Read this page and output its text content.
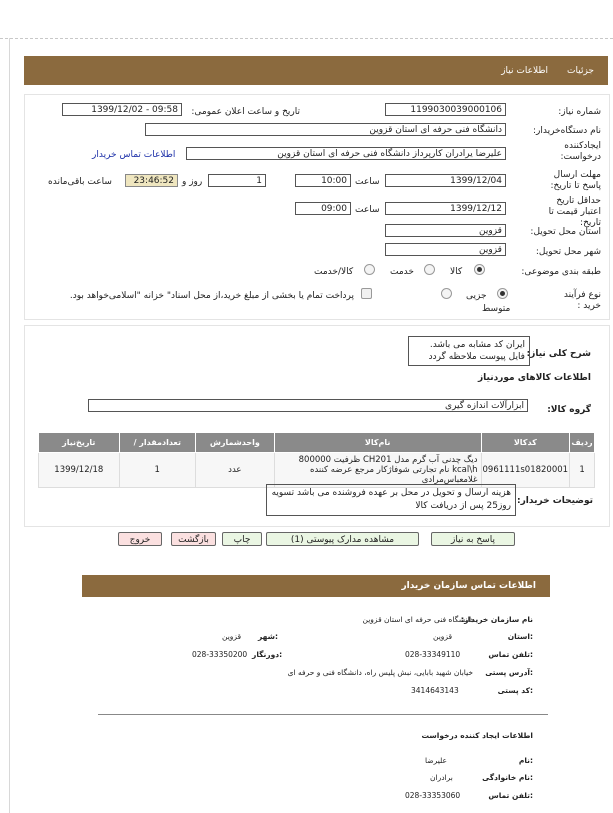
جزئیات
اطلاعات نیاز
شماره نیاز:
1199030039000106
تاریخ و ساعت اعلان عمومی:
1399/12/02 - 09:58
نام دستگاه‌خریدار:
دانشگاه فنی حرفه ای استان قزوین
ایجادکننده درخواست:
علیرضا یرادران کارپرداز دانشگاه فنی حرفه ای استان قزوین
اطلاعات تماس خریدار
مهلت ارسال پاسخ تا تاریخ:
1399/12/04
ساعت
10:00
1
روز و
23:46:52
ساعت باقی‌مانده
حداقل تاریخ اعتبار قیمت تا تاریخ:
1399/12/12
ساعت
09:00
استان محل تحویل:
قزوین
شهر محل تحویل:
قزوین
طبقه بندی موضوعی:
کالا
خدمت
کالا/خدمت
نوع فرآیند خرید :
جزیی
متوسط
پرداخت تمام یا بخشی از مبلغ خرید،از محل اسناد" خزانه "اسلامی‌خواهد بود.
شرح کلی نیاز:
ایران کد مشابه می باشد. فایل پیوست ملاحظه گردد
اطلاعات کالاهای موردنیاز
گروه کالا:
ابزارآلات اندازه گیری
ردیف	کدکالا	نام‌کالا	واحدشمارش	تعدادمقدار /	تاریخ‌نیاز
1	0961111s01820001	دیگ چدنی آب گرم مدل CH201 ظرفیت 800000 kcal\h نام تجارتی شوفاژکار مرجع عرضه کننده غلامعباس‌مرادی	عدد	1	1399/12/18
توضیحات خریدار:
هزینه ارسال و تحویل در محل بر عهده فروشنده می باشد تسویه روز25 پس از دریافت کالا
پاسخ به نیاز
مشاهده مدارک پیوستی (1)
چاپ
بازگشت
خروج
اطلاعات تماس سازمان خریدار
نام سازمان خریدار:
دانشگاه فنی حرفه ای استان قزوین
استان:
قزوین
شهر:
قزوین
تلفن تماس:
028-33349110
دورنگار:
028-33350200
آدرس پستی:
خیابان شهید بابایی، نبش پلیس راه، دانشگاه فنی و حرفه ای
کد پستی:
3414643143
اطلاعات ایجاد کننده درخواست
نام:
علیرضا
نام خانوادگی:
برادران
تلفن تماس:
028-33353060
